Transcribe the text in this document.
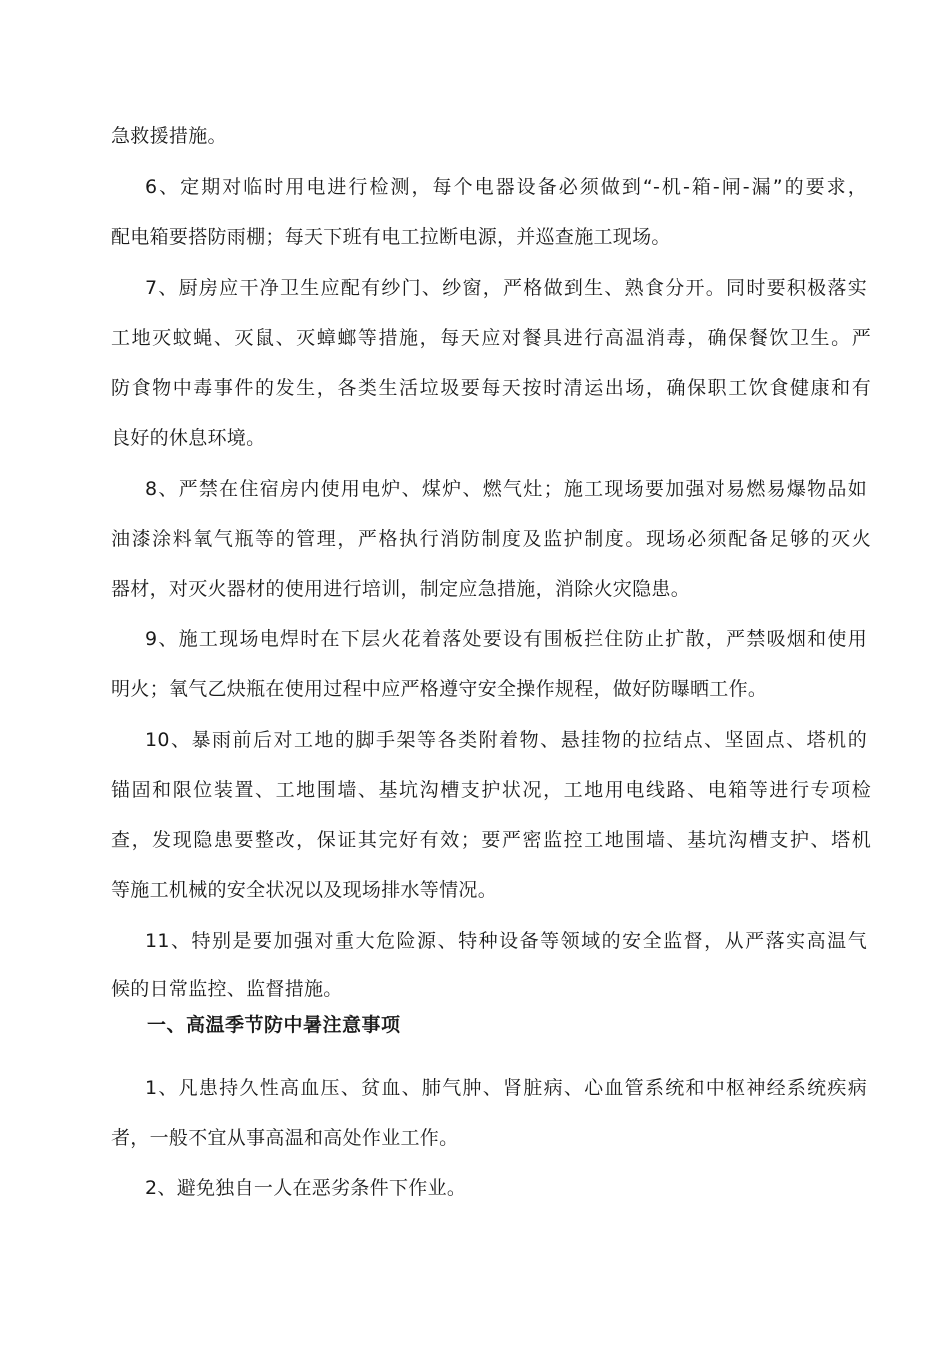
急救援措施。
6、定期对临时用电进行检测，每个电器设备必须做到“-机-箱-闸-漏”的要求，
配电箱要搭防雨棚；每天下班有电工拉断电源，并巡查施工现场。
7、厨房应干净卫生应配有纱门、纱窗，严格做到生、熟食分开。同时要积极落实
工地灭蚊蝇、灭鼠、灭蟑螂等措施，每天应对餐具进行高温消毒，确保餐饮卫生。严
防食物中毒事件的发生，各类生活垃圾要每天按时清运出场，确保职工饮食健康和有
良好的休息环境。
8、严禁在住宿房内使用电炉、煤炉、燃气灶；施工现场要加强对易燃易爆物品如
油漆涂料氧气瓶等的管理，严格执行消防制度及监护制度。现场必须配备足够的灭火
器材，对灭火器材的使用进行培训，制定应急措施，消除火灾隐患。
9、施工现场电焊时在下层火花着落处要设有围板拦住防止扩散，严禁吸烟和使用
明火；氧气乙炔瓶在使用过程中应严格遵守安全操作规程，做好防曝晒工作。
10、暴雨前后对工地的脚手架等各类附着物、悬挂物的拉结点、坚固点、塔机的
锚固和限位装置、工地围墙、基坑沟槽支护状况，工地用电线路、电箱等进行专项检
查，发现隐患要整改，保证其完好有效；要严密监控工地围墙、基坑沟槽支护、塔机
等施工机械的安全状况以及现场排水等情况。
11、特别是要加强对重大危险源、特种设备等领域的安全监督，从严落实高温气
候的日常监控、监督措施。
一、高温季节防中暑注意事项
1、凡患持久性高血压、贫血、肺气肿、肾脏病、心血管系统和中枢神经系统疾病
者，一般不宜从事高温和高处作业工作。
2、避免独自一人在恶劣条件下作业。
